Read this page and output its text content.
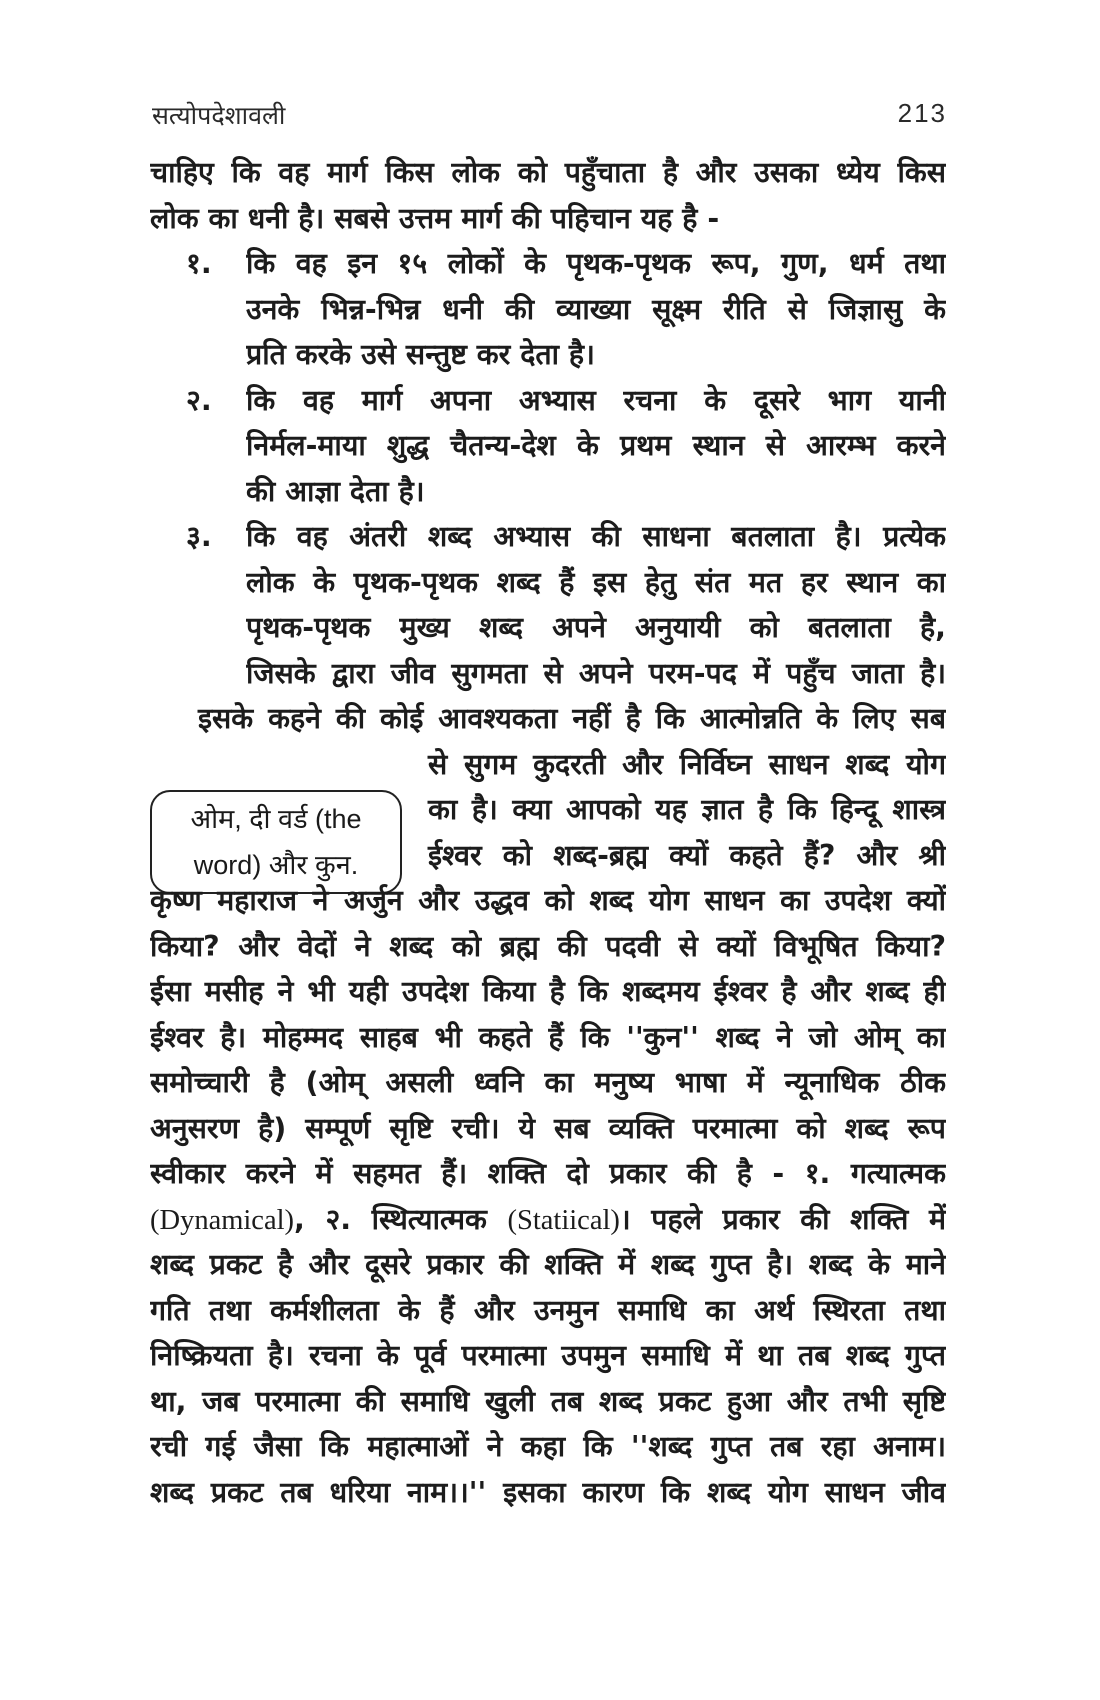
सत्योपदेशावली	213
ओम, दी वर्ड (the
word) और कुन.
चाहिए कि वह मार्ग किस लोक को पहुँचाता है और उसका ध्येय किस
लोक का धनी है। सबसे उत्तम मार्ग की पहिचान यह है -
१. कि वह इन १५ लोकों के पृथक-पृथक रूप, गुण, धर्म तथा
उनके भिन्न-भिन्न धनी की व्याख्या सूक्ष्म रीति से जिज्ञासु के
प्रति करके उसे सन्तुष्ट कर देता है।
२. कि वह मार्ग अपना अभ्यास रचना के दूसरे भाग यानी
निर्मल-माया शुद्ध चैतन्य-देश के प्रथम स्थान से आरम्भ करने
की आज्ञा देता है।
३. कि वह अंतरी शब्द अभ्यास की साधना बतलाता है। प्रत्येक
लोक के पृथक-पृथक शब्द हैं इस हेतु संत मत हर स्थान का
पृथक-पृथक मुख्य शब्द अपने अनुयायी को बतलाता है,
जिसके द्वारा जीव सुगमता से अपने परम-पद में पहुँच जाता है।
इसके कहने की कोई आवश्यकता नहीं है कि आत्मोन्नति के लिए सब
से सुगम कुदरती और निर्विघ्न साधन शब्द योग
का है। क्या आपको यह ज्ञात है कि हिन्दू शास्त्र
ईश्वर को शब्द-ब्रह्म क्यों कहते हैं? और श्री
कृष्ण महाराज ने अर्जुन और उद्धव को शब्द योग साधन का उपदेश क्यों
किया? और वेदों ने शब्द को ब्रह्म की पदवी से क्यों विभूषित किया?
ईसा मसीह ने भी यही उपदेश किया है कि शब्दमय ईश्वर है और शब्द ही
ईश्वर है। मोहम्मद साहब भी कहते हैं कि ''कुन'' शब्द ने जो ओम् का
समोच्चारी है (ओम् असली ध्वनि का मनुष्य भाषा में न्यूनाधिक ठीक
अनुसरण है) सम्पूर्ण सृष्टि रची। ये सब व्यक्ति परमात्मा को शब्द रूप
स्वीकार करने में सहमत हैं। शक्ति दो प्रकार की है - १. गत्यात्मक
(Dynamical), २. स्थित्यात्मक (Statiical)। पहले प्रकार की शक्ति में
शब्द प्रकट है और दूसरे प्रकार की शक्ति में शब्द गुप्त है। शब्द के माने
गति तथा कर्मशीलता के हैं और उनमुन समाधि का अर्थ स्थिरता तथा
निष्क्रियता है। रचना के पूर्व परमात्मा उपमुन समाधि में था तब शब्द गुप्त
था, जब परमात्मा की समाधि खुली तब शब्द प्रकट हुआ और तभी सृष्टि
रची गई जैसा कि महात्माओं ने कहा कि ''शब्द गुप्त तब रहा अनाम।
शब्द प्रकट तब धरिया नाम।।'' इसका कारण कि शब्द योग साधन जीव
